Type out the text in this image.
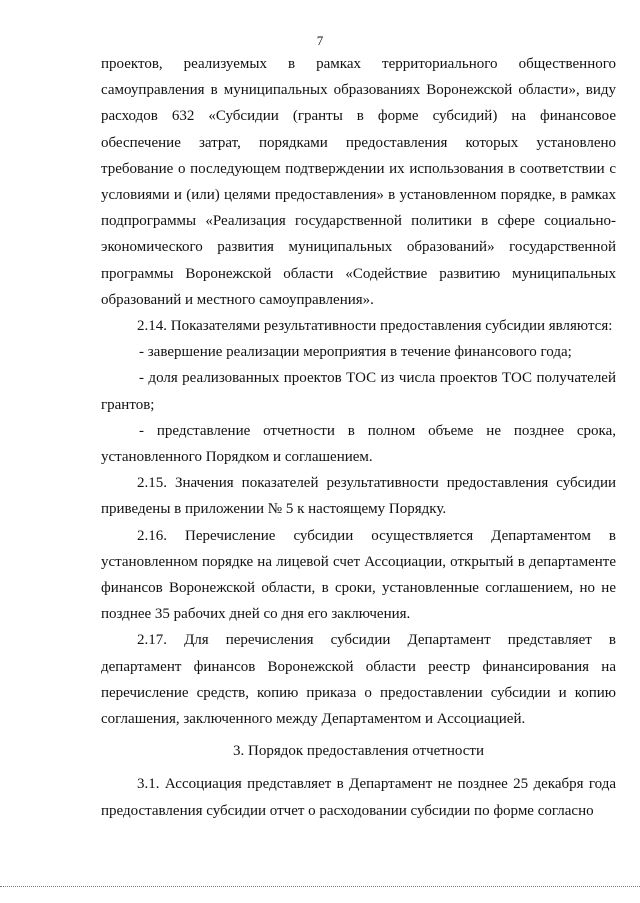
7

проектов, реализуемых в рамках территориального общественного самоуправления в муниципальных образованиях Воронежской области», виду расходов 632 «Субсидии (гранты в форме субсидий) на финансовое обеспечение затрат, порядками предоставления которых установлено требование о последующем подтверждении их использования в соответствии с условиями и (или) целями предоставления» в установленном порядке, в рамках подпрограммы «Реализация государственной политики в сфере социально-экономического развития муниципальных образований» государственной программы Воронежской области «Содействие развитию муниципальных образований и местного самоуправления».

2.14. Показателями результативности предоставления субсидии являются:

- завершение реализации мероприятия в течение финансового года;

- доля реализованных проектов ТОС из числа проектов ТОС получателей грантов;

- представление отчетности в полном объеме не позднее срока, установленного Порядком и соглашением.

2.15. Значения показателей результативности предоставления субсидии приведены в приложении № 5 к настоящему Порядку.

2.16. Перечисление субсидии осуществляется Департаментом в установленном порядке на лицевой счет Ассоциации, открытый в департаменте финансов Воронежской области, в сроки, установленные соглашением, но не позднее 35 рабочих дней со дня его заключения.

2.17. Для перечисления субсидии Департамент представляет в департамент финансов Воронежской области реестр финансирования на перечисление средств, копию приказа о предоставлении субсидии и копию соглашения, заключенного между Департаментом и Ассоциацией.

3. Порядок предоставления отчетности

3.1. Ассоциация представляет в Департамент не позднее 25 декабря года предоставления субсидии отчет о расходовании субсидии по форме согласно
